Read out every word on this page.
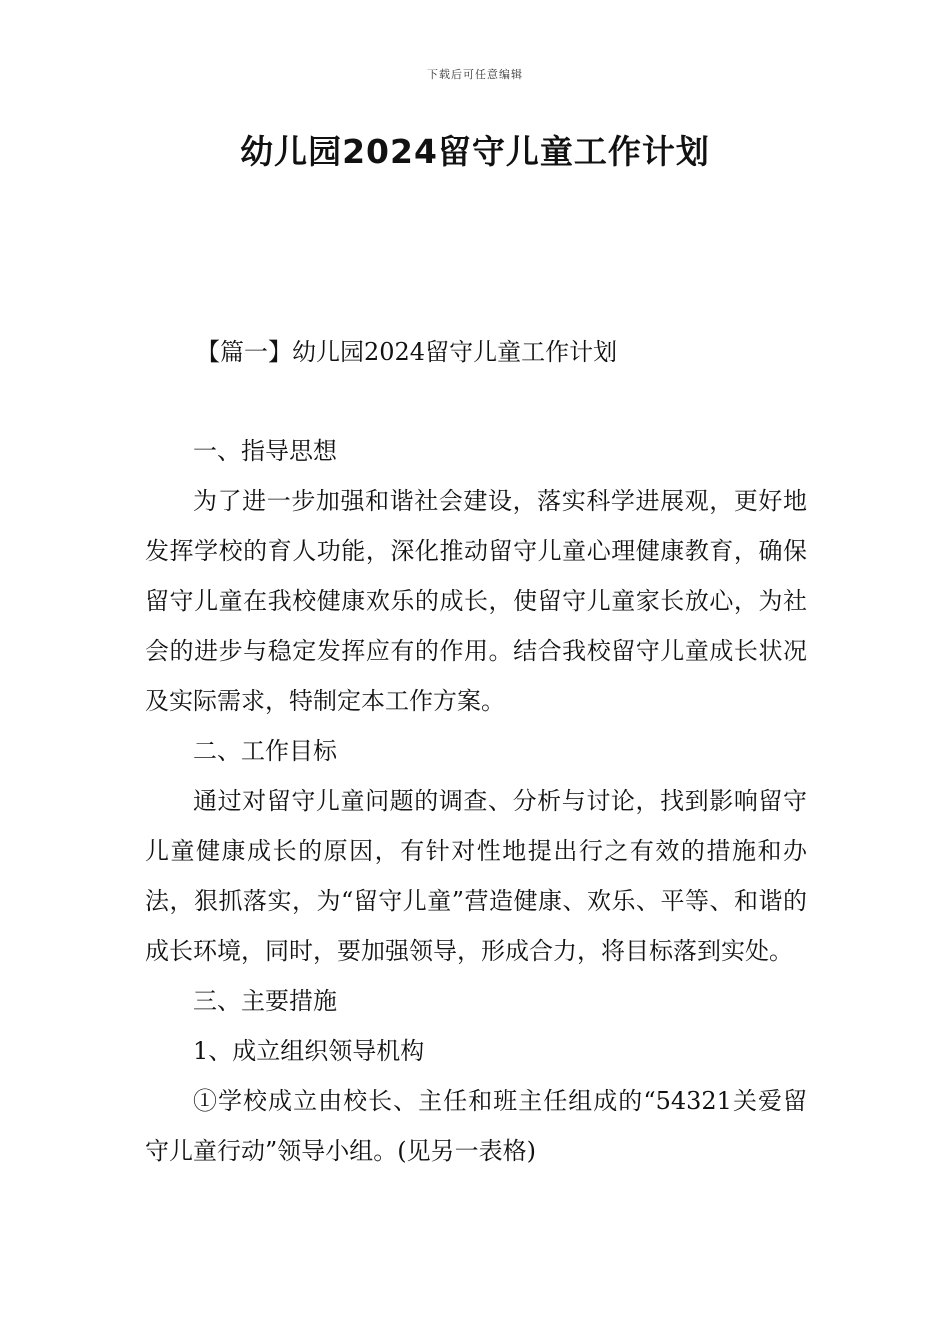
下载后可任意编辑
幼儿园2024留守儿童工作计划
【篇一】幼儿园2024留守儿童工作计划

一、指导思想

为了进一步加强和谐社会建设，落实科学进展观，更好地发挥学校的育人功能，深化推动留守儿童心理健康教育，确保留守儿童在我校健康欢乐的成长，使留守儿童家长放心，为社会的进步与稳定发挥应有的作用。结合我校留守儿童成长状况及实际需求，特制定本工作方案。

二、工作目标

通过对留守儿童问题的调查、分析与讨论，找到影响留守儿童健康成长的原因，有针对性地提出行之有效的措施和办法，狠抓落实，为“留守儿童”营造健康、欢乐、平等、和谐的成长环境，同时，要加强领导，形成合力，将目标落到实处。

三、主要措施

1、成立组织领导机构

①学校成立由校长、主任和班主任组成的“54321关爱留守儿童行动”领导小组。(见另一表格)
